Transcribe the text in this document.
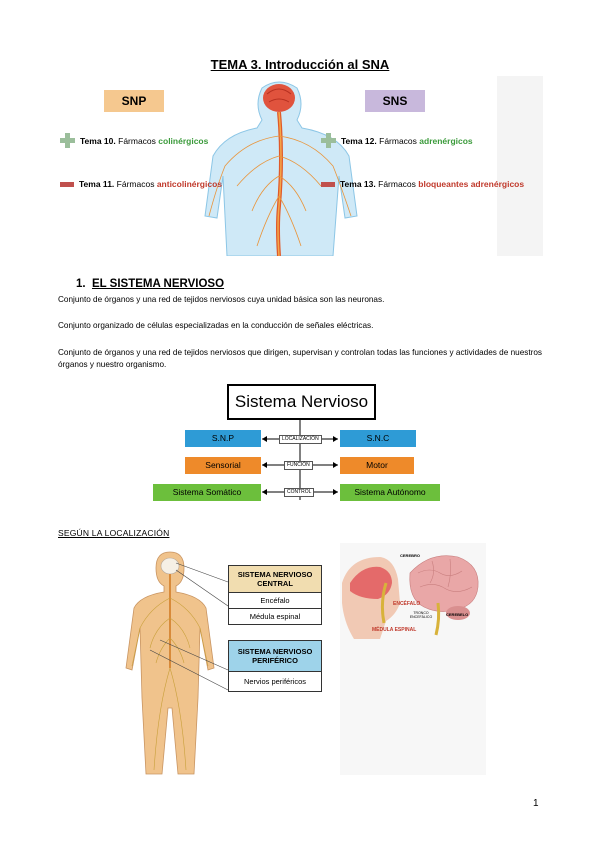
TEMA 3. Introducción al SNA
SNP	SNS
Tema 10. Fármacos colinérgicos
Tema 11. Fármacos anticolinérgicos
Tema 12. Fármacos adrenérgicos
Tema 13. Fármacos bloqueantes adrenérgicos
1. EL SISTEMA NERVIOSO
Conjunto de órganos y una red de tejidos nerviosos cuya unidad básica son las neuronas.
Conjunto organizado de células especializadas en la conducción de señales eléctricas.
Conjunto de órganos y una red de tejidos nerviosos que dirigen, supervisan y controlan todas las funciones y actividades de nuestros órganos y nuestro organismo.
Sistema Nervioso
S.N.P	S.N.C
LOCALIZACIÓN
Sensorial	Motor
FUNCIÓN
Sistema Somático	Sistema Autónomo
CONTROL
SEGÚN LA LOCALIZACIÓN
SISTEMA NERVIOSO CENTRAL
Encéfalo
Médula espinal
SISTEMA NERVIOSO PERIFÉRICO
Nervios periféricos
CEREBRO
ENCÉFALO
TRONCO ENCEFÁLICO	CEREBELO
MÉDULA ESPINAL
1
